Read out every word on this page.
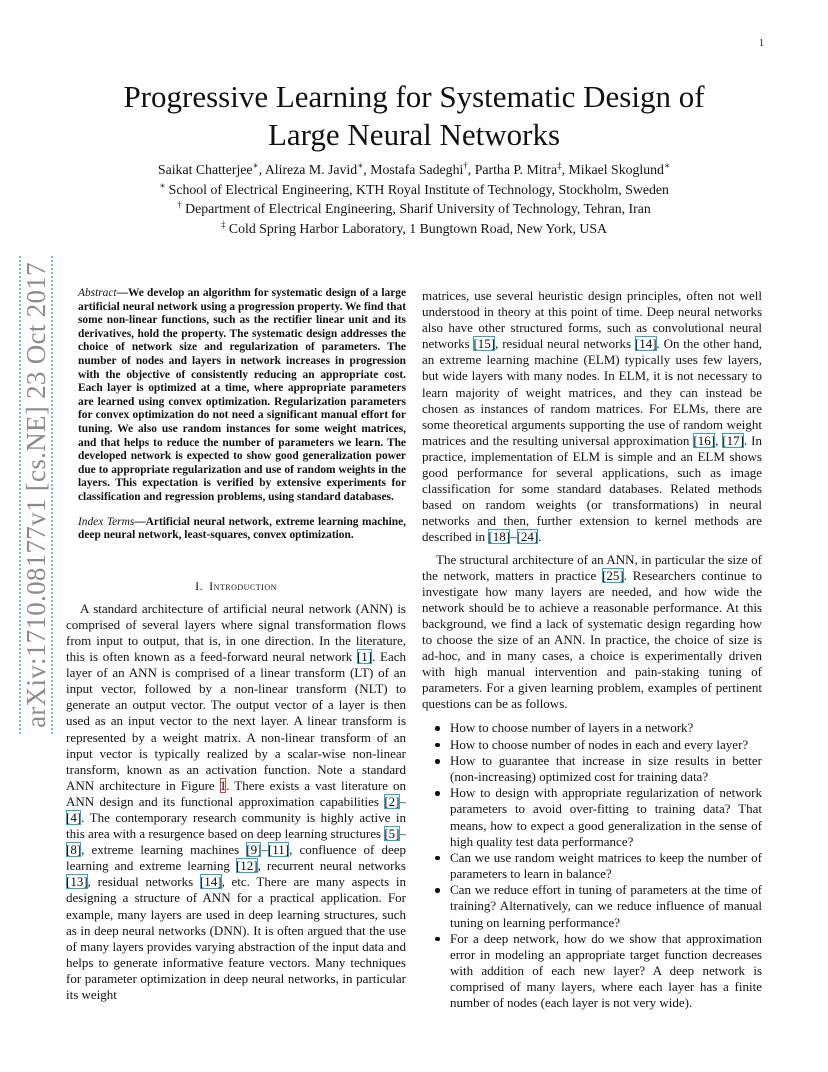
1
arXiv:1710.08177v1 [cs.NE] 23 Oct 2017
Progressive Learning for Systematic Design of
Large Neural Networks
Saikat Chatterjee∗, Alireza M. Javid∗, Mostafa Sadeghi†, Partha P. Mitra‡, Mikael Skoglund∗
∗ School of Electrical Engineering, KTH Royal Institute of Technology, Stockholm, Sweden
† Department of Electrical Engineering, Sharif University of Technology, Tehran, Iran
‡ Cold Spring Harbor Laboratory, 1 Bungtown Road, New York, USA
Abstract—We develop an algorithm for systematic design of a large artificial neural network using a progression property. We find that some non-linear functions, such as the rectifier linear unit and its derivatives, hold the property. The systematic design addresses the choice of network size and regularization of parameters. The number of nodes and layers in network increases in progression with the objective of consistently reducing an appropriate cost. Each layer is optimized at a time, where appropriate parameters are learned using convex optimization. Regularization parameters for convex optimization do not need a significant manual effort for tuning. We also use random instances for some weight matrices, and that helps to reduce the number of parameters we learn. The developed network is expected to show good generalization power due to appropriate regularization and use of random weights in the layers. This expectation is verified by extensive experiments for classification and regression problems, using standard databases.
Index Terms—Artificial neural network, extreme learning machine, deep neural network, least-squares, convex optimization.
I. Introduction

A standard architecture of artificial neural network (ANN) is comprised of several layers where signal transformation flows from input to output, that is, in one direction. In the literature, this is often known as a feed-forward neural network [1]. Each layer of an ANN is comprised of a linear transform (LT) of an input vector, followed by a non-linear transform (NLT) to generate an output vector. The output vector of a layer is then used as an input vector to the next layer. A linear transform is represented by a weight matrix. A non-linear transform of an input vector is typically realized by a scalar-wise non-linear transform, known as an activation function. Note a standard ANN architecture in Figure 1. There exists a vast literature on ANN design and its functional approximation capabilities [2]–[4]. The contemporary research community is highly active in this area with a resurgence based on deep learning structures [5]–[8], extreme learning machines [9]–[11], confluence of deep learning and extreme learning [12], recurrent neural networks [13], residual networks [14], etc. There are many aspects in designing a structure of ANN for a practical application. For example, many layers are used in deep learning structures, such as in deep neural networks (DNN). It is often argued that the use of many layers provides varying abstraction of the input data and helps to generate informative feature vectors. Many techniques for parameter optimization in deep neural networks, in particular its weight

matrices, use several heuristic design principles, often not well understood in theory at this point of time. Deep neural networks also have other structured forms, such as convolutional neural networks [15], residual neural networks [14]. On the other hand, an extreme learning machine (ELM) typically uses few layers, but wide layers with many nodes. In ELM, it is not necessary to learn majority of weight matrices, and they can instead be chosen as instances of random matrices. For ELMs, there are some theoretical arguments supporting the use of random weight matrices and the resulting universal approximation [16], [17]. In practice, implementation of ELM is simple and an ELM shows good performance for several applications, such as image classification for some standard databases. Related methods based on random weights (or transformations) in neural networks and then, further extension to kernel methods are described in [18]–[24].

The structural architecture of an ANN, in particular the size of the network, matters in practice [25]. Researchers continue to investigate how many layers are needed, and how wide the network should be to achieve a reasonable performance. At this background, we find a lack of systematic design regarding how to choose the size of an ANN. In practice, the choice of size is ad-hoc, and in many cases, a choice is experimentally driven with high manual intervention and pain-staking tuning of parameters. For a given learning problem, examples of pertinent questions can be as follows.

How to choose number of layers in a network?
How to choose number of nodes in each and every layer?
How to guarantee that increase in size results in better (non-increasing) optimized cost for training data?
How to design with appropriate regularization of network parameters to avoid over-fitting to training data? That means, how to expect a good generalization in the sense of high quality test data performance?
Can we use random weight matrices to keep the number of parameters to learn in balance?
Can we reduce effort in tuning of parameters at the time of training? Alternatively, can we reduce influence of manual tuning on learning performance?
For a deep network, how do we show that approximation error in modeling an appropriate target function decreases with addition of each new layer? A deep network is comprised of many layers, where each layer has a finite number of nodes (each layer is not very wide).
